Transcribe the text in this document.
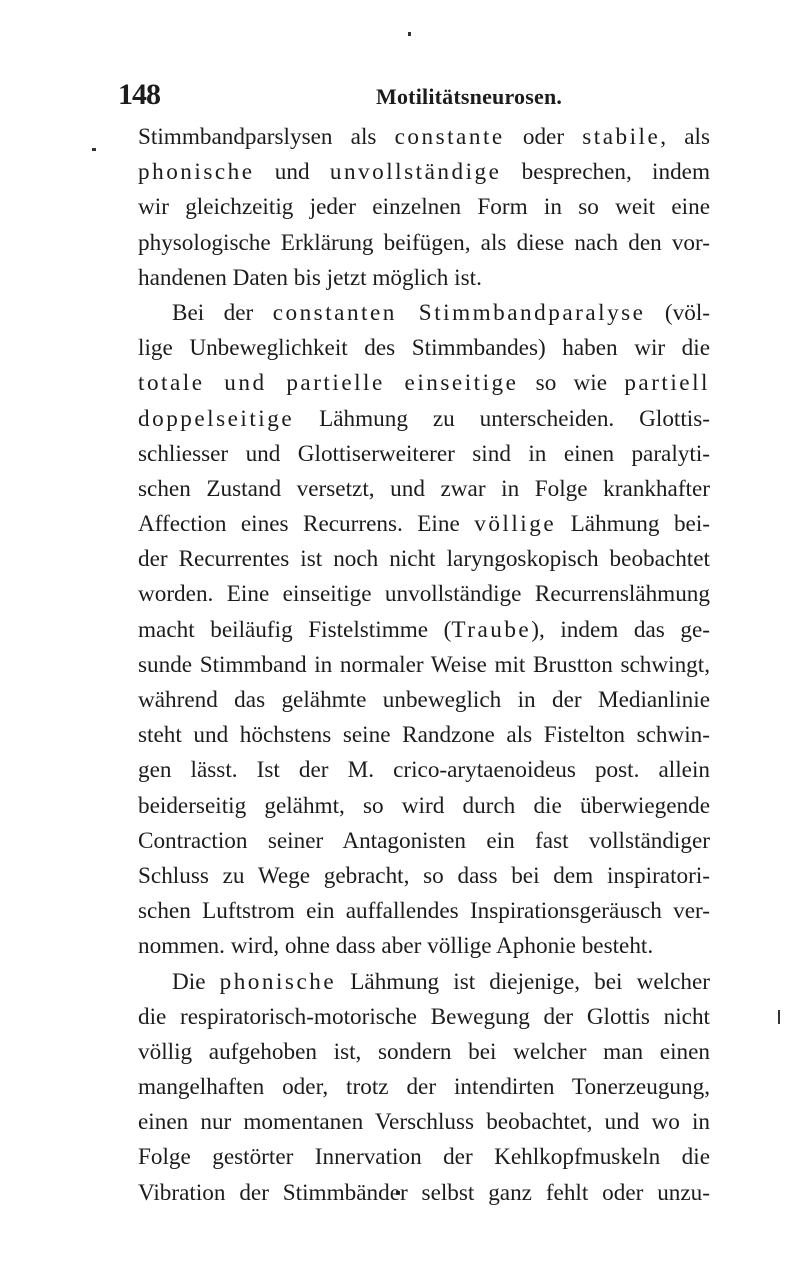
148	Motilitätsneurosen.
Stimmbandparslysen als constante oder stabile, als
phonische und unvollständige besprechen, indem
wir gleichzeitig jeder einzelnen Form in so weit eine
physologische Erklärung beifügen, als diese nach den vor-
handenen Daten bis jetzt möglich ist.
Bei der constanten Stimmbandparalyse (völ-
lige Unbeweglichkeit des Stimmbandes) haben wir die
totale und partielle einseitige so wie partiell
doppelseitige Lähmung zu unterscheiden. Glottis-
schliesser und Glottiserweiterer sind in einen paralyti-
schen Zustand versetzt, und zwar in Folge krankhafter
Affection eines Recurrens. Eine völlige Lähmung bei-
der Recurrentes ist noch nicht laryngoskopisch beobachtet
worden. Eine einseitige unvollständige Recurrenslähmung
macht beiläufig Fistelstimme (Traube), indem das ge-
sunde Stimmband in normaler Weise mit Brustton schwingt,
während das gelähmte unbeweglich in der Medianlinie
steht und höchstens seine Randzone als Fistelton schwin-
gen lässt. Ist der M. crico-arytaenoideus post. allein
beiderseitig gelähmt, so wird durch die überwiegende
Contraction seiner Antagonisten ein fast vollständiger
Schluss zu Wege gebracht, so dass bei dem inspiratori-
schen Luftstrom ein auffallendes Inspirationsgeräusch ver-
nommen. wird, ohne dass aber völlige Aphonie besteht.
Die phonische Lähmung ist diejenige, bei welcher
die respiratorisch-motorische Bewegung der Glottis nicht
völlig aufgehoben ist, sondern bei welcher man einen
mangelhaften oder, trotz der intendirten Tonerzeugung,
einen nur momentanen Verschluss beobachtet, und wo in
Folge gestörter Innervation der Kehlkopfmuskeln die
Vibration der Stimmbänder selbst ganz fehlt oder unzu-
